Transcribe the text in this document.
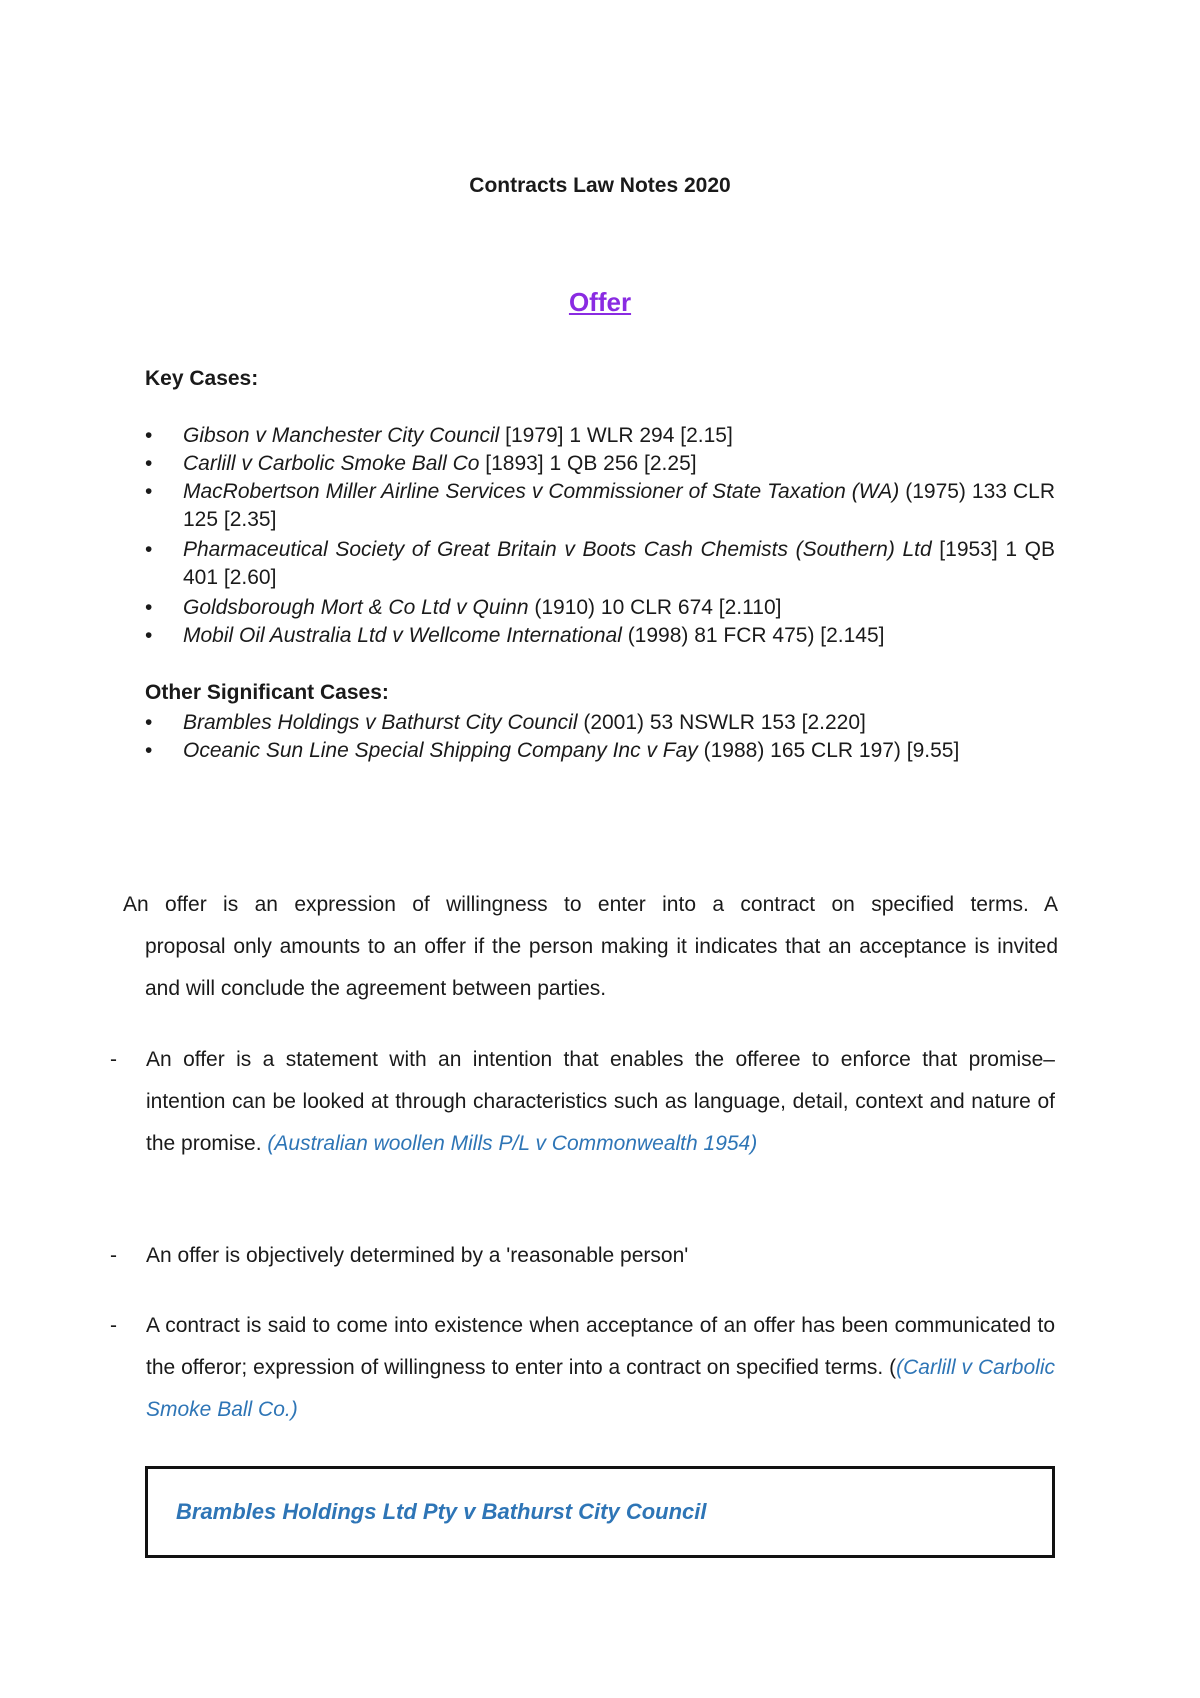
Contracts Law Notes 2020
Offer
Key Cases:
• Gibson v Manchester City Council [1979] 1 WLR 294 [2.15]
• Carlill v Carbolic Smoke Ball Co [1893] 1 QB 256 [2.25]
• MacRobertson Miller Airline Services v Commissioner of State Taxation (WA) (1975) 133 CLR 125 [2.35]
• Pharmaceutical Society of Great Britain v Boots Cash Chemists (Southern) Ltd [1953] 1 QB 401 [2.60]
• Goldsborough Mort & Co Ltd v Quinn (1910) 10 CLR 674 [2.110]
• Mobil Oil Australia Ltd v Wellcome International (1998) 81 FCR 475) [2.145]
Other Significant Cases:
• Brambles Holdings v Bathurst City Council (2001) 53 NSWLR 153 [2.220]
• Oceanic Sun Line Special Shipping Company Inc v Fay (1988) 165 CLR 197) [9.55]
An offer is an expression of willingness to enter into a contract on specified terms. A
proposal only amounts to an offer if the person making it indicates that an acceptance is invited and will conclude the agreement between parties.
- An offer is a statement with an intention that enables the offeree to enforce that promise– intention can be looked at through characteristics such as language, detail, context and nature of the promise. (Australian woollen Mills P/L v Commonwealth 1954)
- An offer is objectively determined by a 'reasonable person'
- A contract is said to come into existence when acceptance of an offer has been communicated to the offeror; expression of willingness to enter into a contract on specified terms. ((Carlill v Carbolic Smoke Ball Co.)
Brambles Holdings Ltd Pty v Bathurst City Council
